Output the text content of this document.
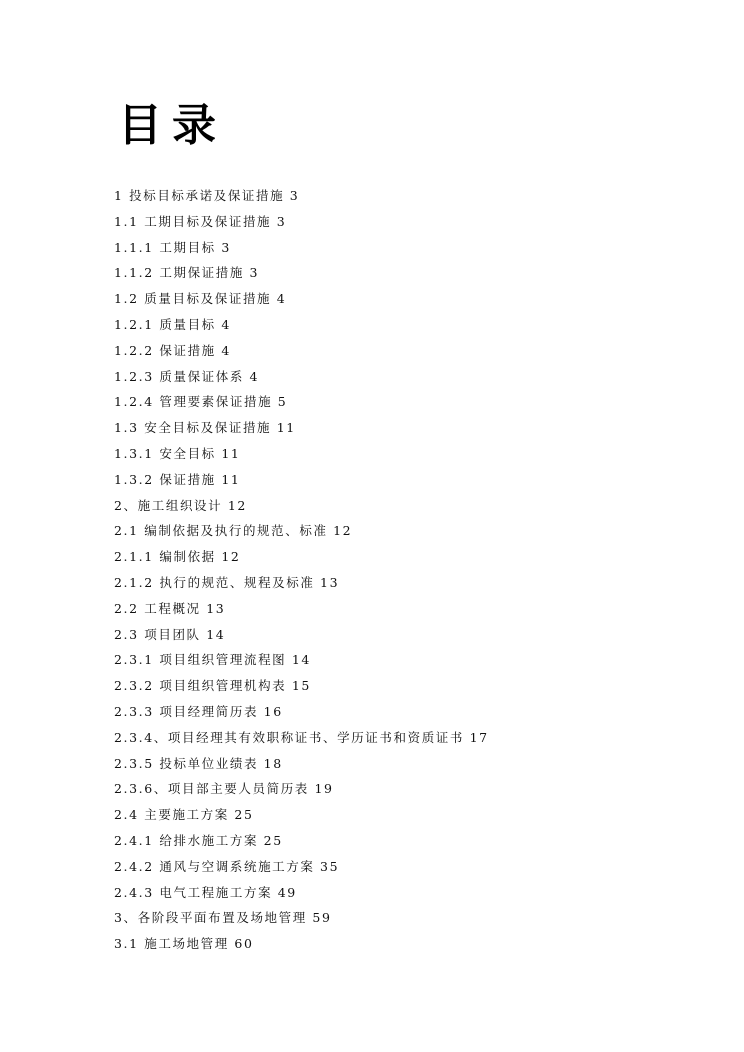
目录
1 投标目标承诺及保证措施 3
1.1 工期目标及保证措施 3
1.1.1 工期目标 3
1.1.2 工期保证措施 3
1.2 质量目标及保证措施 4
1.2.1 质量目标 4
1.2.2 保证措施 4
1.2.3 质量保证体系 4
1.2.4 管理要素保证措施 5
1.3 安全目标及保证措施 11
1.3.1 安全目标 11
1.3.2 保证措施 11
2、施工组织设计 12
2.1 编制依据及执行的规范、标准 12
2.1.1 编制依据 12
2.1.2 执行的规范、规程及标准 13
2.2 工程概况 13
2.3 项目团队 14
2.3.1 项目组织管理流程图 14
2.3.2 项目组织管理机构表 15
2.3.3 项目经理简历表 16
2.3.4、项目经理其有效职称证书、学历证书和资质证书 17
2.3.5 投标单位业绩表 18
2.3.6、项目部主要人员简历表 19
2.4 主要施工方案 25
2.4.1 给排水施工方案 25
2.4.2 通风与空调系统施工方案 35
2.4.3 电气工程施工方案 49
3、各阶段平面布置及场地管理 59
3.1 施工场地管理 60
